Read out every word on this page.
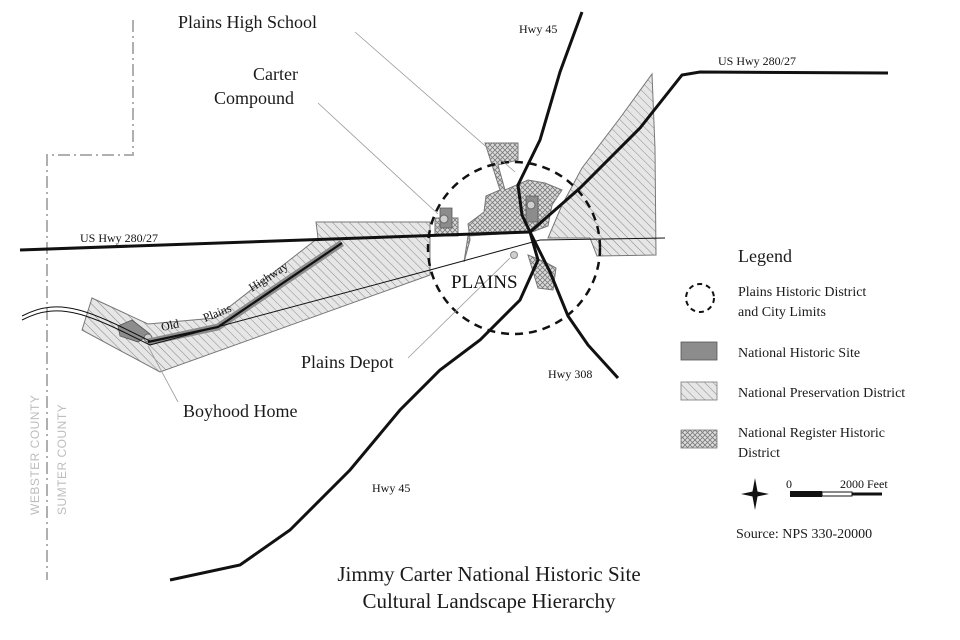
WEBSTER COUNTY SUMTER COUNTY
Plains High School
Carter
Compound
Plains Depot
Boyhood Home
PLAINS
Hwy 45
US Hwy 280/27
US Hwy 280/27
Hwy 308
Hwy 45
Old
Plains
Highway
Legend
Plains Historic District
and City Limits
National Historic Site
National Preservation District
National Register Historic
District
0	2000 Feet
Source: NPS 330-20000
Jimmy Carter National Historic Site
Cultural Landscape Hierarchy
